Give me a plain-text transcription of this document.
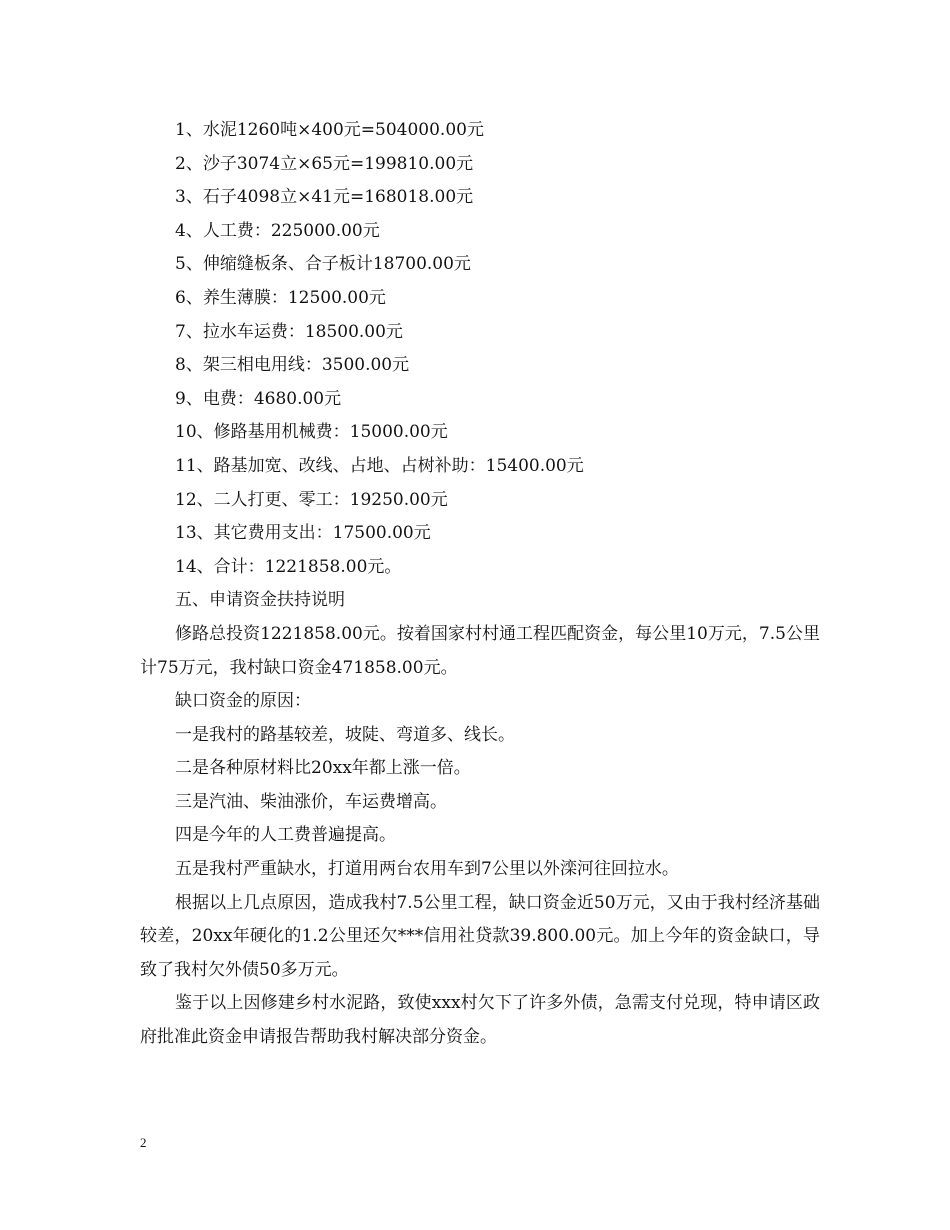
1、水泥1260吨×400元=504000.00元
2、沙子3074立×65元=199810.00元
3、石子4098立×41元=168018.00元
4、人工费：225000.00元
5、伸缩缝板条、合子板计18700.00元
6、养生薄膜：12500.00元
7、拉水车运费：18500.00元
8、架三相电用线：3500.00元
9、电费：4680.00元
10、修路基用机械费：15000.00元
11、路基加宽、改线、占地、占树补助：15400.00元
12、二人打更、零工：19250.00元
13、其它费用支出：17500.00元
14、合计：1221858.00元。
五、申请资金扶持说明
修路总投资1221858.00元。按着国家村村通工程匹配资金，每公里10万元，7.5公里计75万元，我村缺口资金471858.00元。
缺口资金的原因：
一是我村的路基较差，坡陡、弯道多、线长。
二是各种原材料比20xx年都上涨一倍。
三是汽油、柴油涨价，车运费增高。
四是今年的人工费普遍提高。
五是我村严重缺水，打道用两台农用车到7公里以外滦河往回拉水。
根据以上几点原因，造成我村7.5公里工程，缺口资金近50万元，又由于我村经济基础较差，20xx年硬化的1.2公里还欠***信用社贷款39.800.00元。加上今年的资金缺口，导致了我村欠外债50多万元。
鉴于以上因修建乡村水泥路，致使xxx村欠下了许多外债，急需支付兑现，特申请区政府批准此资金申请报告帮助我村解决部分资金。
2
